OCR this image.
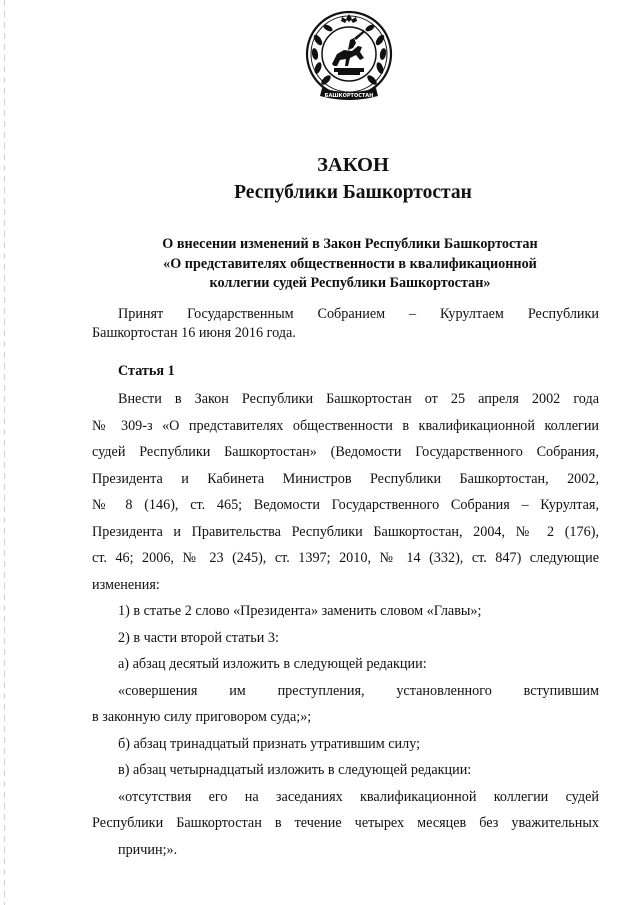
БАШКОРТОСТАН
ЗАКОН
Республики Башкортостан
О внесении изменений в Закон Республики Башкортостан
«О представителях общественности в квалификационной
коллегии судей Республики Башкортостан»
Принят Государственным Собранием – Курултаем Республики
Башкортостан 16 июня 2016 года.
Статья 1
Внести в Закон Республики Башкортостан от 25 апреля 2002 года
№ 309-з «О представителях общественности в квалификационной коллегии
судей Республики Башкортостан» (Ведомости Государственного Собрания,
Президента и Кабинета Министров Республики Башкортостан, 2002,
№ 8 (146), ст. 465; Ведомости Государственного Собрания – Курултая,
Президента и Правительства Республики Башкортостан, 2004, № 2 (176),
ст. 46; 2006, № 23 (245), ст. 1397; 2010, № 14 (332), ст. 847) следующие
изменения:
1) в статье 2 слово «Президента» заменить словом «Главы»;
2) в части второй статьи 3:
а) абзац десятый изложить в следующей редакции:
«совершения им преступления, установленного вступившим
в законную силу приговором суда;»;
б) абзац тринадцатый признать утратившим силу;
в) абзац четырнадцатый изложить в следующей редакции:
«отсутствия его на заседаниях квалификационной коллегии судей
Республики Башкортостан в течение четырех месяцев без уважительных
причин;».
